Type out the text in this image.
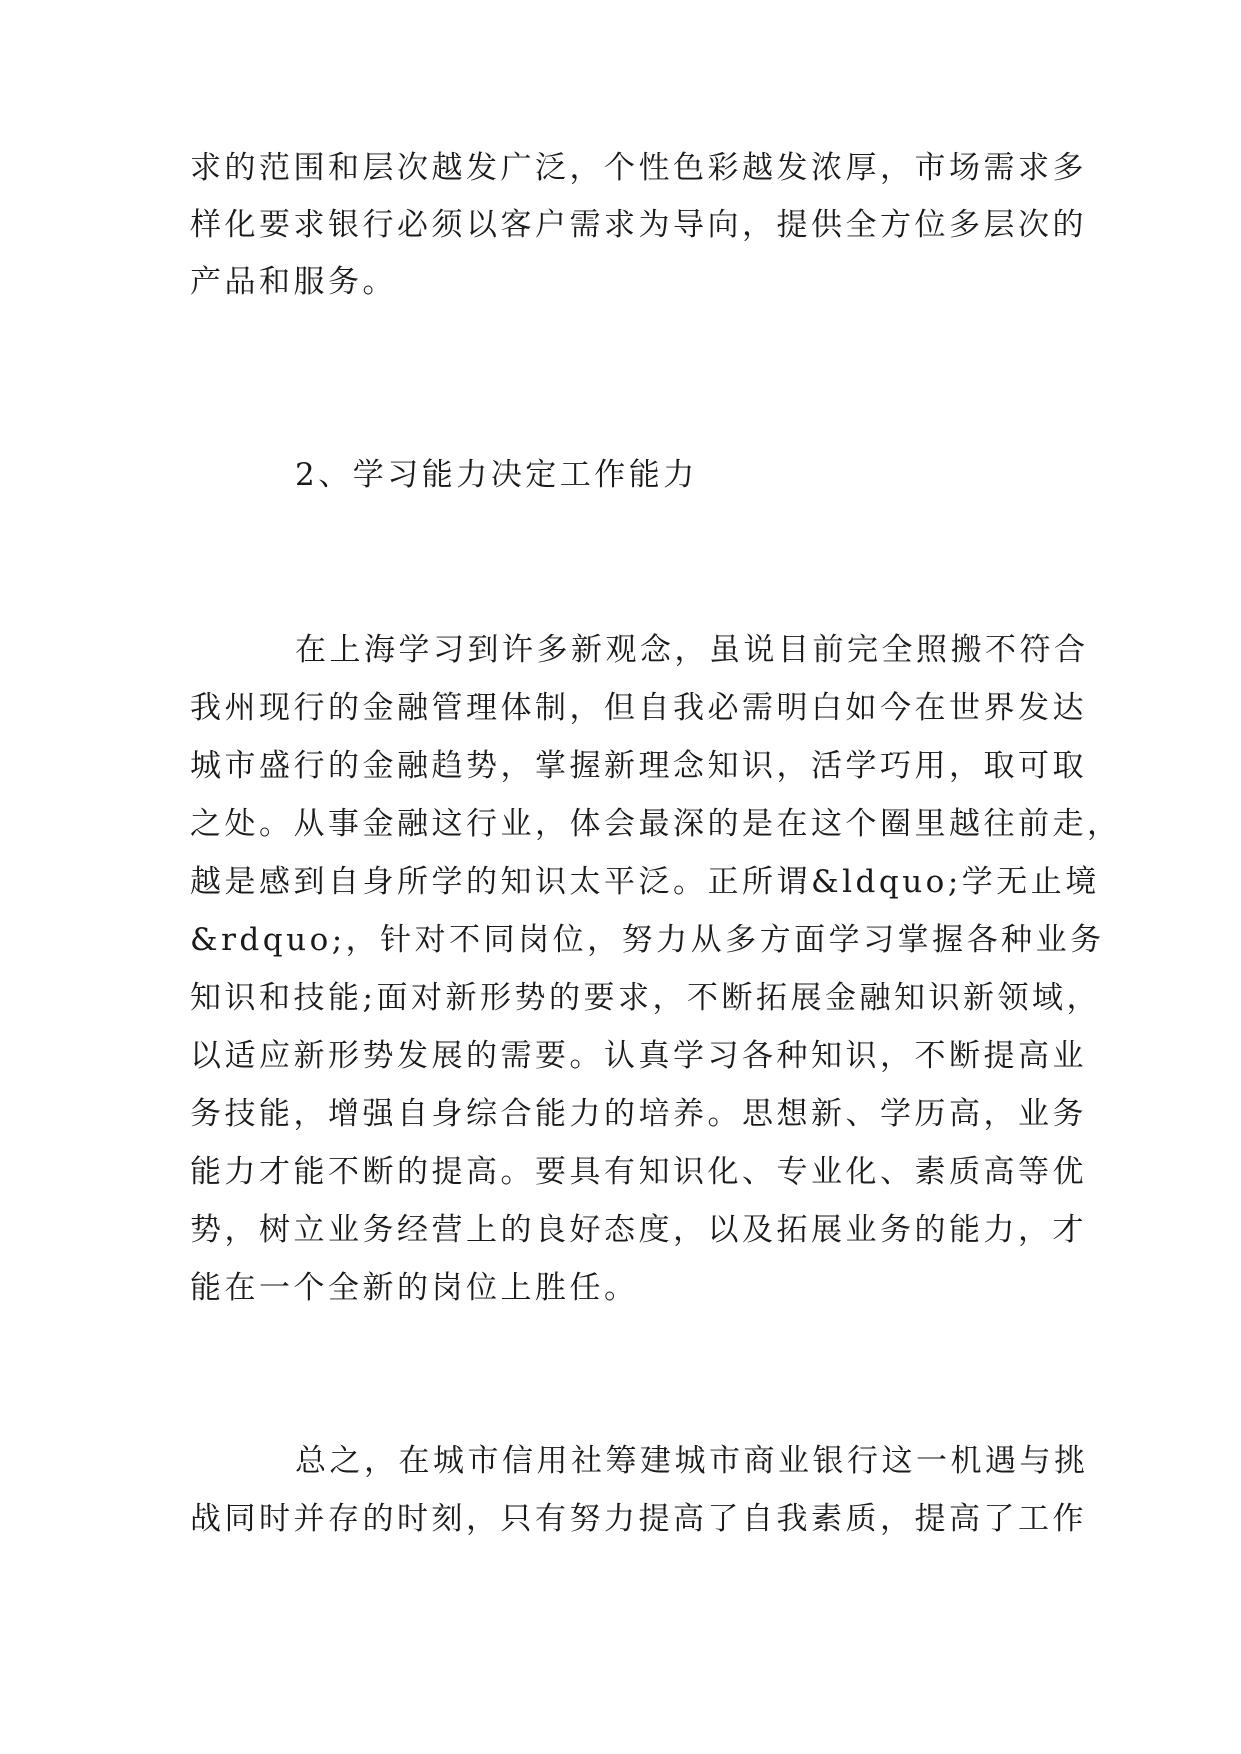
求的范围和层次越发广泛，个性色彩越发浓厚，市场需求多
样化要求银行必须以客户需求为导向，提供全方位多层次的
产品和服务。
2、学习能力决定工作能力
在上海学习到许多新观念，虽说目前完全照搬不符合
我州现行的金融管理体制，但自我必需明白如今在世界发达
城市盛行的金融趋势，掌握新理念知识，活学巧用，取可取
之处。从事金融这行业，体会最深的是在这个圈里越往前走，
越是感到自身所学的知识太平泛。正所谓&ldquo;学无止境
&rdquo;，针对不同岗位，努力从多方面学习掌握各种业务
知识和技能;面对新形势的要求，不断拓展金融知识新领域，
以适应新形势发展的需要。认真学习各种知识，不断提高业
务技能，增强自身综合能力的培养。思想新、学历高，业务
能力才能不断的提高。要具有知识化、专业化、素质高等优
势，树立业务经营上的良好态度，以及拓展业务的能力，才
能在一个全新的岗位上胜任。
总之，在城市信用社筹建城市商业银行这一机遇与挑
战同时并存的时刻，只有努力提高了自我素质，提高了工作
